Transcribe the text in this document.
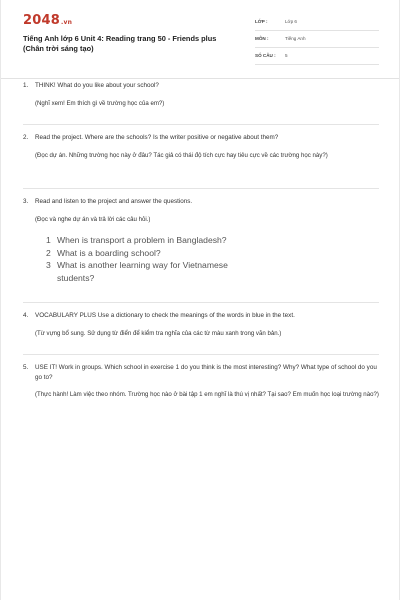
2048.vn
Tiếng Anh lớp 6 Unit 4: Reading trang 50 - Friends plus (Chân trời sáng tạo)
LỚP :	Lớp 6
MÔN :	Tiếng Anh
SỐ CÂU : 5
1. THINK! What do you like about your school?
(Nghĩ xem! Em thích gì về trường học của em?)
2. Read the project. Where are the schools? Is the writer positive or negative about them?
(Đọc dự án. Những trường học này ở đâu? Tác giả có thái độ tích cực hay tiêu cực về các trường học này?)
3. Read and listen to the project and answer the questions.
(Đọc và nghe dự án và trả lời các câu hỏi.)
1 When is transport a problem in Bangladesh?
2 What is a boarding school?
3 What is another learning way for Vietnamese students?
4. VOCABULARY PLUS Use a dictionary to check the meanings of the words in blue in the text.
(Từ vựng bổ sung. Sử dụng từ điển để kiểm tra nghĩa của các từ màu xanh trong văn bản.)
5. USE IT! Work in groups. Which school in exercise 1 do you think is the most interesting? Why? What type of school do you go to?
(Thực hành! Làm việc theo nhóm. Trường học nào ở bài tập 1 em nghĩ là thú vị nhất? Tại sao? Em muốn học loại trường nào?)
